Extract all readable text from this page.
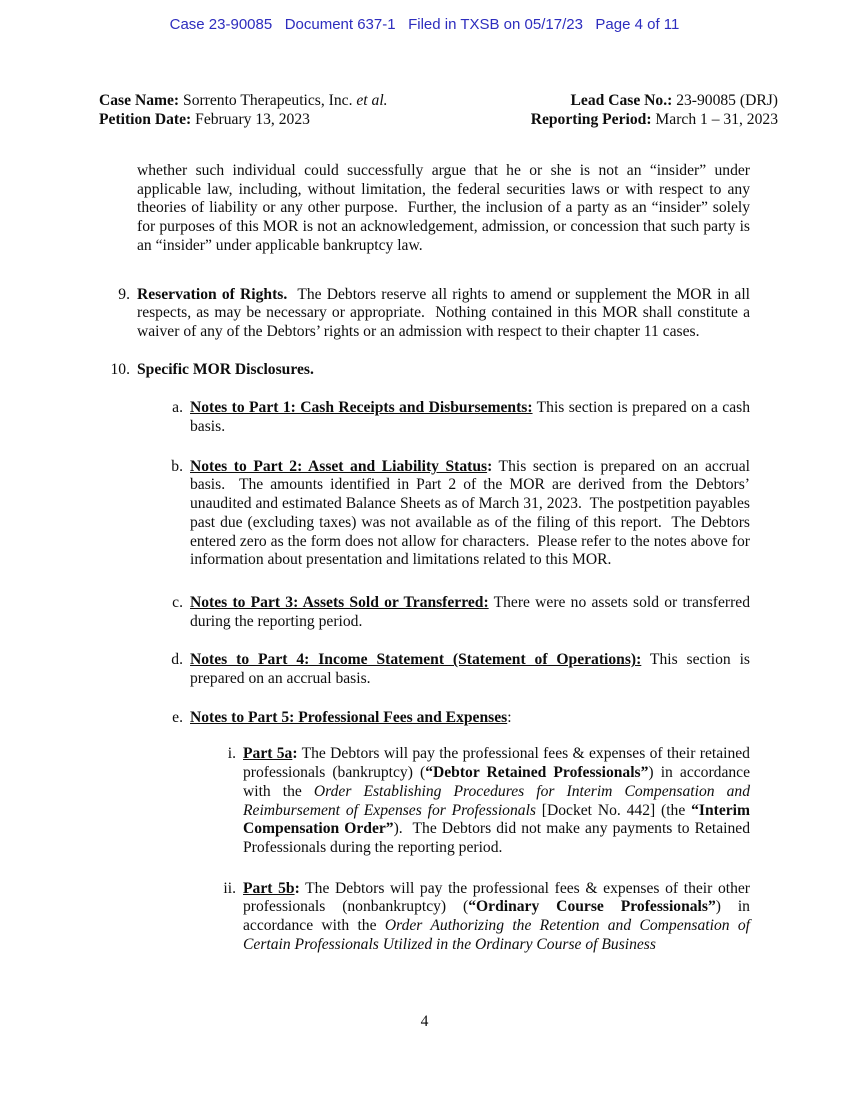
Case 23-90085   Document 637-1   Filed in TXSB on 05/17/23   Page 4 of 11
Case Name: Sorrento Therapeutics, Inc. et al.
Petition Date: February 13, 2023
Lead Case No.: 23-90085 (DRJ)
Reporting Period: March 1 – 31, 2023

whether such individual could successfully argue that he or she is not an “insider” under applicable law, including, without limitation, the federal securities laws or with respect to any theories of liability or any other purpose.  Further, the inclusion of a party as an “insider” solely for purposes of this MOR is not an acknowledgement, admission, or concession that such party is an “insider” under applicable bankruptcy law.

9. Reservation of Rights.  The Debtors reserve all rights to amend or supplement the MOR in all respects, as may be necessary or appropriate.  Nothing contained in this MOR shall constitute a waiver of any of the Debtors’ rights or an admission with respect to their chapter 11 cases.

10. Specific MOR Disclosures.

a. Notes to Part 1: Cash Receipts and Disbursements: This section is prepared on a cash basis.

b. Notes to Part 2: Asset and Liability Status: This section is prepared on an accrual basis.  The amounts identified in Part 2 of the MOR are derived from the Debtors’ unaudited and estimated Balance Sheets as of March 31, 2023.  The postpetition payables past due (excluding taxes) was not available as of the filing of this report.  The Debtors entered zero as the form does not allow for characters.  Please refer to the notes above for information about presentation and limitations related to this MOR.

c. Notes to Part 3: Assets Sold or Transferred: There were no assets sold or transferred during the reporting period.

d. Notes to Part 4: Income Statement (Statement of Operations): This section is prepared on an accrual basis.

e. Notes to Part 5: Professional Fees and Expenses:

i. Part 5a: The Debtors will pay the professional fees & expenses of their retained professionals (bankruptcy) (“Debtor Retained Professionals”) in accordance with the Order Establishing Procedures for Interim Compensation and Reimbursement of Expenses for Professionals [Docket No. 442] (the “Interim Compensation Order”).  The Debtors did not make any payments to Retained Professionals during the reporting period.

ii. Part 5b: The Debtors will pay the professional fees & expenses of their other professionals (nonbankruptcy) (“Ordinary Course Professionals”) in accordance with the Order Authorizing the Retention and Compensation of Certain Professionals Utilized in the Ordinary Course of Business

4
